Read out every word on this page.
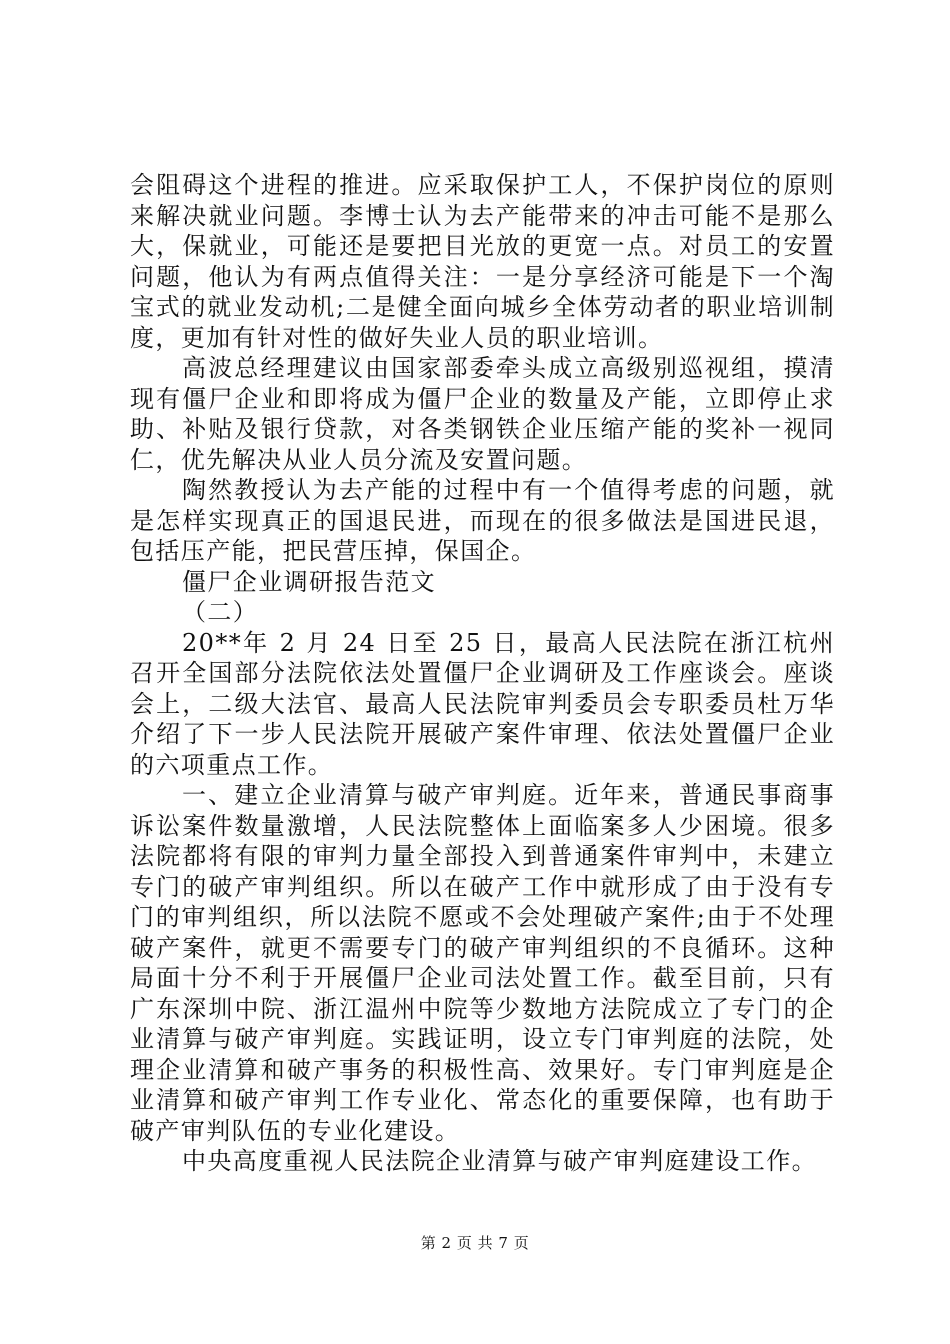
会阻碍这个进程的推进。应采取保护工人，不保护岗位的原则来解决就业问题。李博士认为去产能带来的冲击可能不是那么大，保就业，可能还是要把目光放的更宽一点。对员工的安置问题，他认为有两点值得关注：一是分享经济可能是下一个淘宝式的就业发动机;二是健全面向城乡全体劳动者的职业培训制度，更加有针对性的做好失业人员的职业培训。

高波总经理建议由国家部委牵头成立高级别巡视组，摸清现有僵尸企业和即将成为僵尸企业的数量及产能，立即停止求助、补贴及银行贷款，对各类钢铁企业压缩产能的奖补一视同仁，优先解决从业人员分流及安置问题。

陶然教授认为去产能的过程中有一个值得考虑的问题，就是怎样实现真正的国退民进，而现在的很多做法是国进民退，包括压产能，把民营压掉，保国企。

僵尸企业调研报告范文

（二）

20**年 2 月 24 日至 25 日，最高人民法院在浙江杭州召开全国部分法院依法处置僵尸企业调研及工作座谈会。座谈会上，二级大法官、最高人民法院审判委员会专职委员杜万华介绍了下一步人民法院开展破产案件审理、依法处置僵尸企业的六项重点工作。

一、建立企业清算与破产审判庭。近年来，普通民事商事诉讼案件数量激增，人民法院整体上面临案多人少困境。很多法院都将有限的审判力量全部投入到普通案件审判中，未建立专门的破产审判组织。所以在破产工作中就形成了由于没有专门的审判组织，所以法院不愿或不会处理破产案件;由于不处理破产案件，就更不需要专门的破产审判组织的不良循环。这种局面十分不利于开展僵尸企业司法处置工作。截至目前，只有广东深圳中院、浙江温州中院等少数地方法院成立了专门的企业清算与破产审判庭。实践证明，设立专门审判庭的法院，处理企业清算和破产事务的积极性高、效果好。专门审判庭是企业清算和破产审判工作专业化、常态化的重要保障，也有助于破产审判队伍的专业化建设。

中央高度重视人民法院企业清算与破产审判庭建设工作。

第 2 页 共 7 页
